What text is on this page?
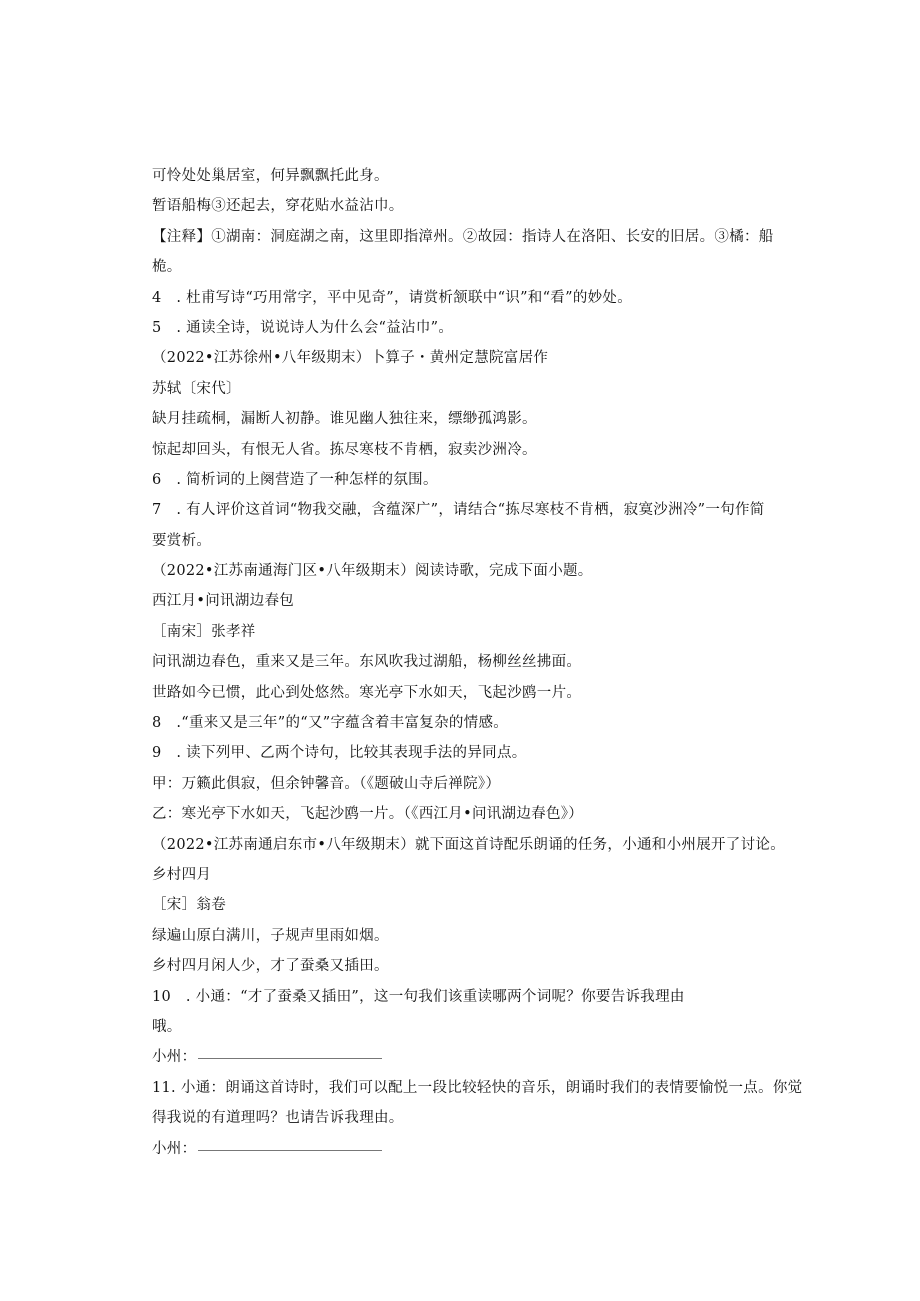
可怜处处巢居室，何异飘飘托此身。
暂语船梅③还起去，穿花贴水益沾巾。
【注释】①湖南：洞庭湖之南，这里即指漳州。②故园：指诗人在洛阳、长安的旧居。③橘：船
桅。
4　. 杜甫写诗“巧用常字，平中见奇”，请赏析颔联中“识”和“看”的妙处。
5　. 通读全诗，说说诗人为什么会“益沾巾”。
（2022•江苏徐州•八年级期末）卜算子・黄州定慧院富居作
苏轼〔宋代〕
缺月挂疏桐，漏断人初静。谁见幽人独往来，缥缈孤鸿影。
惊起却回头，有恨无人省。拣尽寒枝不肯栖，寂卖沙洲冷。
6　. 简析词的上阕营造了一种怎样的氛围。
7　. 有人评价这首词“物我交融，含蕴深广”，请结合“拣尽寒枝不肯栖，寂寞沙洲冷”一句作简
要赏析。
（2022•江苏南通海门区•八年级期末）阅读诗歌，完成下面小题。
西江月•问讯湖边春包
［南宋］张孝祥
问讯湖边春色，重来又是三年。东风吹我过湖船，杨柳丝丝拂面。
世路如今已惯，此心到处悠然。寒光亭下水如天，飞起沙鸥一片。
8　.“重来又是三年”的“又”字蕴含着丰富复杂的情感。
9　. 读下列甲、乙两个诗句，比较其表现手法的异同点。
甲：万籁此俱寂，但余钟馨音。（《题破山寺后禅院》）
乙：寒光亭下水如天，飞起沙鸥一片。（《西江月•问讯湖边春色》）
（2022•江苏南通启东市•八年级期末）就下面这首诗配乐朗诵的任务，小通和小州展开了讨论。
乡村四月
［宋］翁卷
绿遍山原白满川，子规声里雨如烟。
乡村四月闲人少，才了蚕桑又插田。
10　. 小通：“才了蚕桑又插田”，这一句我们该重读哪两个词呢？你要告诉我理由
哦。
小州：
11. 小通：朗诵这首诗时，我们可以配上一段比较轻快的音乐，朗诵时我们的表情要愉悦一点。你觉
得我说的有道理吗？也请告诉我理由。
小州：
